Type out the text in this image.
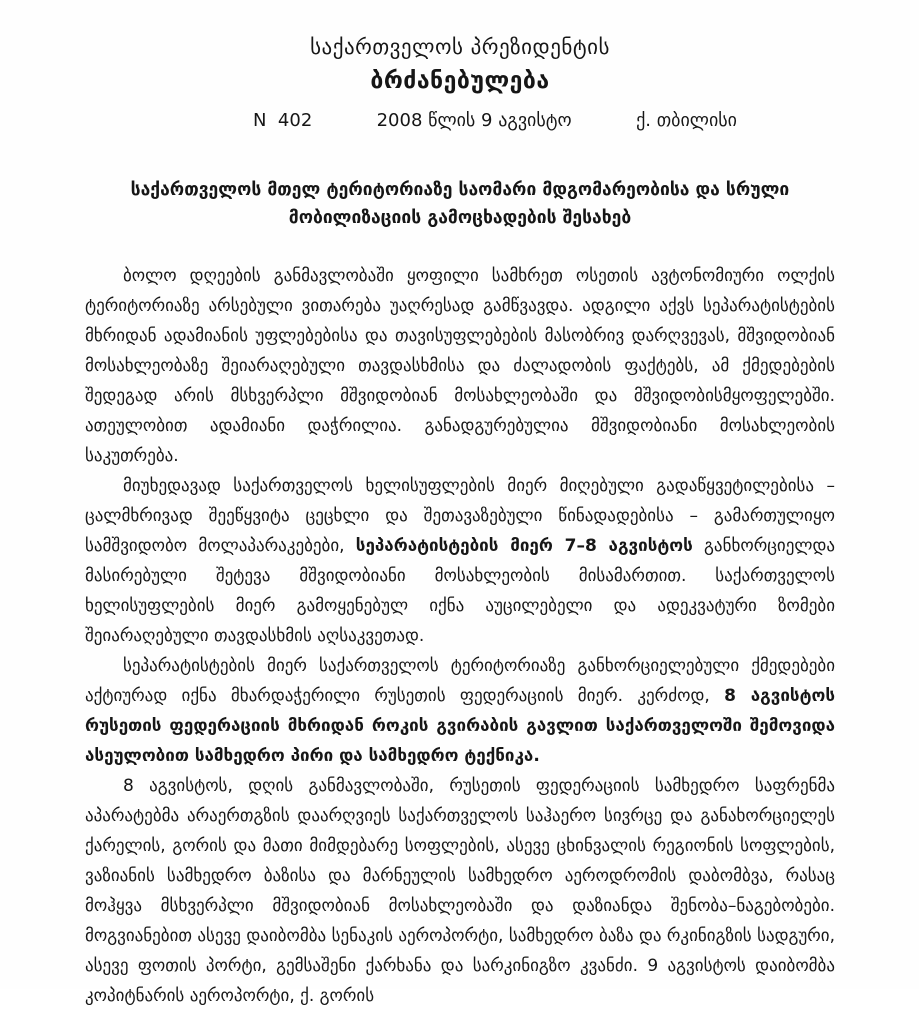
საქართველოს პრეზიდენტის
ბრძანებულება
N  402	2008 წლის 9 აგვისტო	ქ. თბილისი
საქართველოს მთელ ტერიტორიაზე საომარი მდგომარეობისა და სრული მობილიზაციის გამოცხადების შესახებ

ბოლო დღეების განმავლობაში ყოფილი სამხრეთ ოსეთის ავტონომიური ოლქის ტერიტორიაზე არსებული ვითარება უაღრესად გამწვავდა. ადგილი აქვს სეპარატისტების მხრიდან ადამიანის უფლებებისა და თავისუფლებების მასობრივ დარღვევას, მშვიდობიან მოსახლეობაზე შეიარაღებული თავდასხმისა და ძალადობის ფაქტებს, ამ ქმედებების შედეგად არის მსხვერპლი მშვიდობიან მოსახლეობაში და მშვიდობისმყოფელებში. ათეულობით ადამიანი დაჭრილია. განადგურებულია მშვიდობიანი მოსახლეობის საკუთრება.

მიუხედავად საქართველოს ხელისუფლების მიერ მიღებული გადაწყვეტილებისა – ცალმხრივად შეეწყვიტა ცეცხლი და შეთავაზებული წინადადებისა – გამართულიყო სამშვიდობო მოლაპარაკებები, სეპარატისტების მიერ 7–8 აგვისტოს განხორციელდა მასირებული შეტევა მშვიდობიანი მოსახლეობის მისამართით. საქართველოს ხელისუფლების მიერ გამოყენებულ იქნა აუცილებელი და ადეკვატური ზომები შეიარაღებული თავდასხმის აღსაკვეთად.

სეპარატისტების მიერ საქართველოს ტერიტორიაზე განხორციელებული ქმედებები აქტიურად იქნა მხარდაჭერილი რუსეთის ფედერაციის მიერ. კერძოდ, 8 აგვისტოს რუსეთის ფედერაციის მხრიდან როკის გვირაბის გავლით საქართველოში შემოვიდა ასეულობით სამხედრო პირი და სამხედრო ტექნიკა.

8 აგვისტოს, დღის განმავლობაში, რუსეთის ფედერაციის სამხედრო საფრენმა აპარატებმა არაერთგზის დაარღვიეს საქართველოს საჰაერო სივრცე და განახორციელეს ქარელის, გორის და მათი მიმდებარე სოფლების, ასევე ცხინვალის რეგიონის სოფლების, ვაზიანის სამხედრო ბაზისა და მარნეულის სამხედრო აეროდრომის დაბომბვა, რასაც მოჰყვა მსხვერპლი მშვიდობიან მოსახლეობაში და დაზიანდა შენობა–ნაგებობები. მოგვიანებით ასევე დაიბომბა სენაკის აეროპორტი, სამხედრო ბაზა და რკინიგზის სადგური, ასევე ფოთის პორტი, გემსაშენი ქარხანა და სარკინიგზო კვანძი. 9 აგვისტოს დაიბომბა კოპიტნარის აეროპორტი, ქ. გორის
